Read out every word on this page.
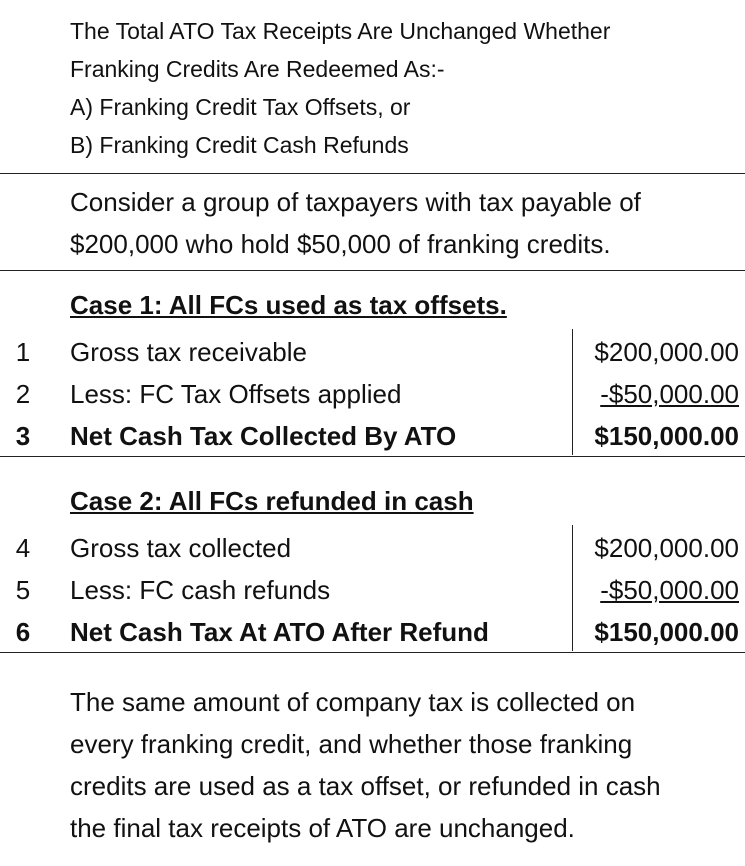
The Total ATO Tax Receipts Are Unchanged Whether
Franking Credits Are Redeemed As:-
A) Franking Credit Tax Offsets, or
B) Franking Credit Cash Refunds
Consider a group of taxpayers with tax payable of
$200,000 who hold $50,000 of franking credits.
Case 1: All FCs used as tax offsets.
1	Gross tax receivable	$200,000.00
2	Less: FC Tax Offsets applied	-$50,000.00
3	Net Cash Tax Collected By ATO	$150,000.00
Case 2: All FCs refunded in cash
4	Gross tax collected	$200,000.00
5	Less: FC cash refunds	-$50,000.00
6	Net Cash Tax At ATO After Refund	$150,000.00
The same amount of company tax is collected on
every franking credit, and whether those franking
credits are used as a tax offset, or refunded in cash
the final tax receipts of ATO are unchanged.
